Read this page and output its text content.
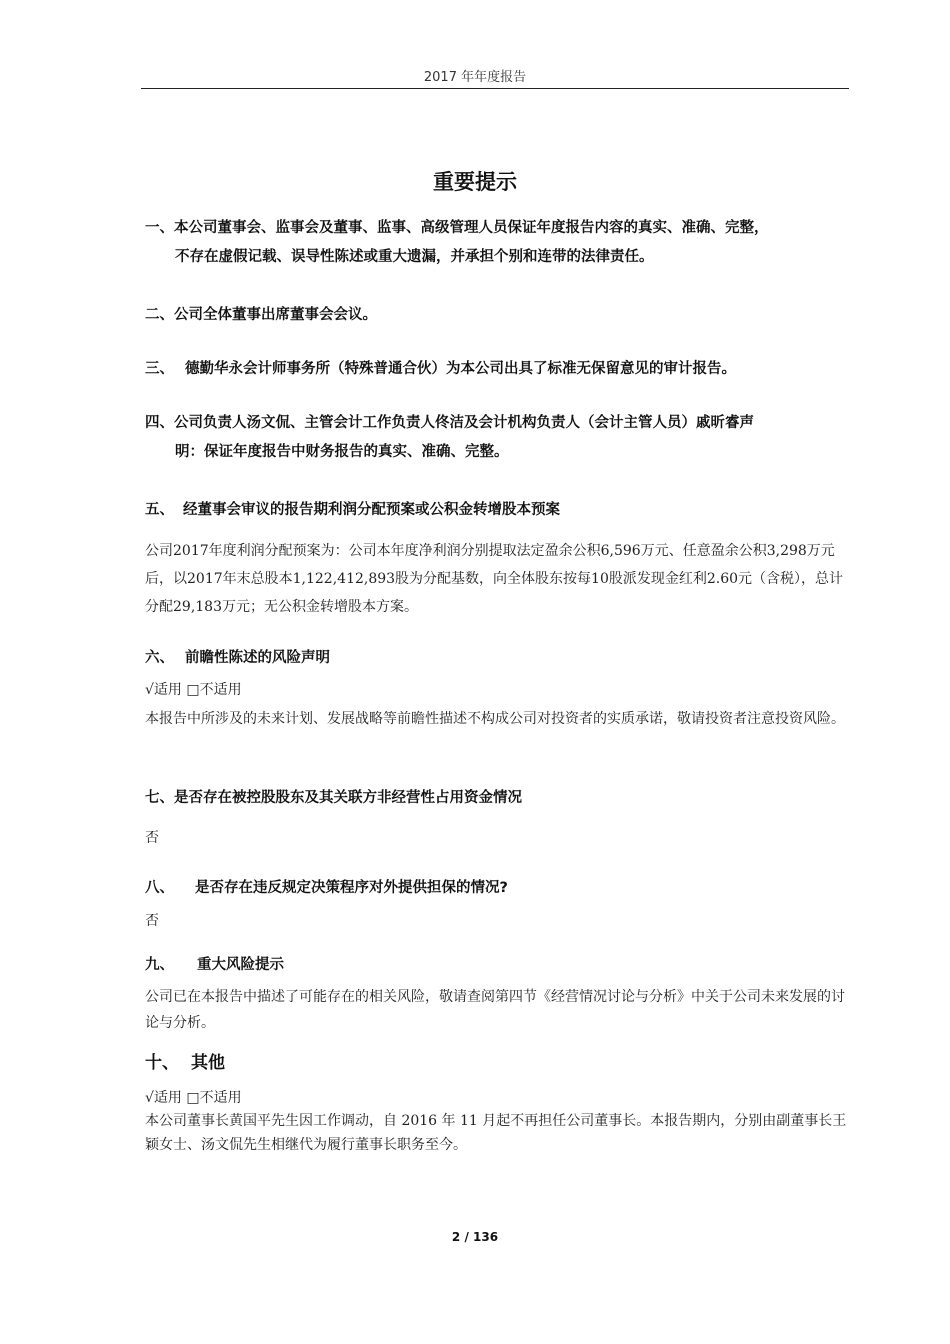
2017 年年度报告
重要提示
一、本公司董事会、监事会及董事、监事、高级管理人员保证年度报告内容的真实、准确、完整，
不存在虚假记载、误导性陈述或重大遗漏，并承担个别和连带的法律责任。
二、公司全体董事出席董事会会议。
三、 德勤华永会计师事务所（特殊普通合伙）为本公司出具了标准无保留意见的审计报告。
四、公司负责人汤文侃、主管会计工作负责人佟洁及会计机构负责人（会计主管人员）戚昕睿声
明：保证年度报告中财务报告的真实、准确、完整。
五、 经董事会审议的报告期利润分配预案或公积金转增股本预案
公司2017年度利润分配预案为：公司本年度净利润分别提取法定盈余公积6,596万元、任意盈余公积3,298万元后，以2017年末总股本1,122,412,893股为分配基数，向全体股东按每10股派发现金红利2.60元（含税），总计分配29,183万元；无公积金转增股本方案。
六、 前瞻性陈述的风险声明
√适用 □不适用
本报告中所涉及的未来计划、发展战略等前瞻性描述不构成公司对投资者的实质承诺，敬请投资者注意投资风险。
七、是否存在被控股股东及其关联方非经营性占用资金情况
否
八、 是否存在违反规定决策程序对外提供担保的情况?
否
九、 重大风险提示
公司已在本报告中描述了可能存在的相关风险，敬请查阅第四节《经营情况讨论与分析》中关于公司未来发展的讨论与分析。
十、 其他
√适用 □不适用
本公司董事长黄国平先生因工作调动，自 2016 年 11 月起不再担任公司董事长。本报告期内，分别由副董事长王颖女士、汤文侃先生相继代为履行董事长职务至今。
2 / 136
